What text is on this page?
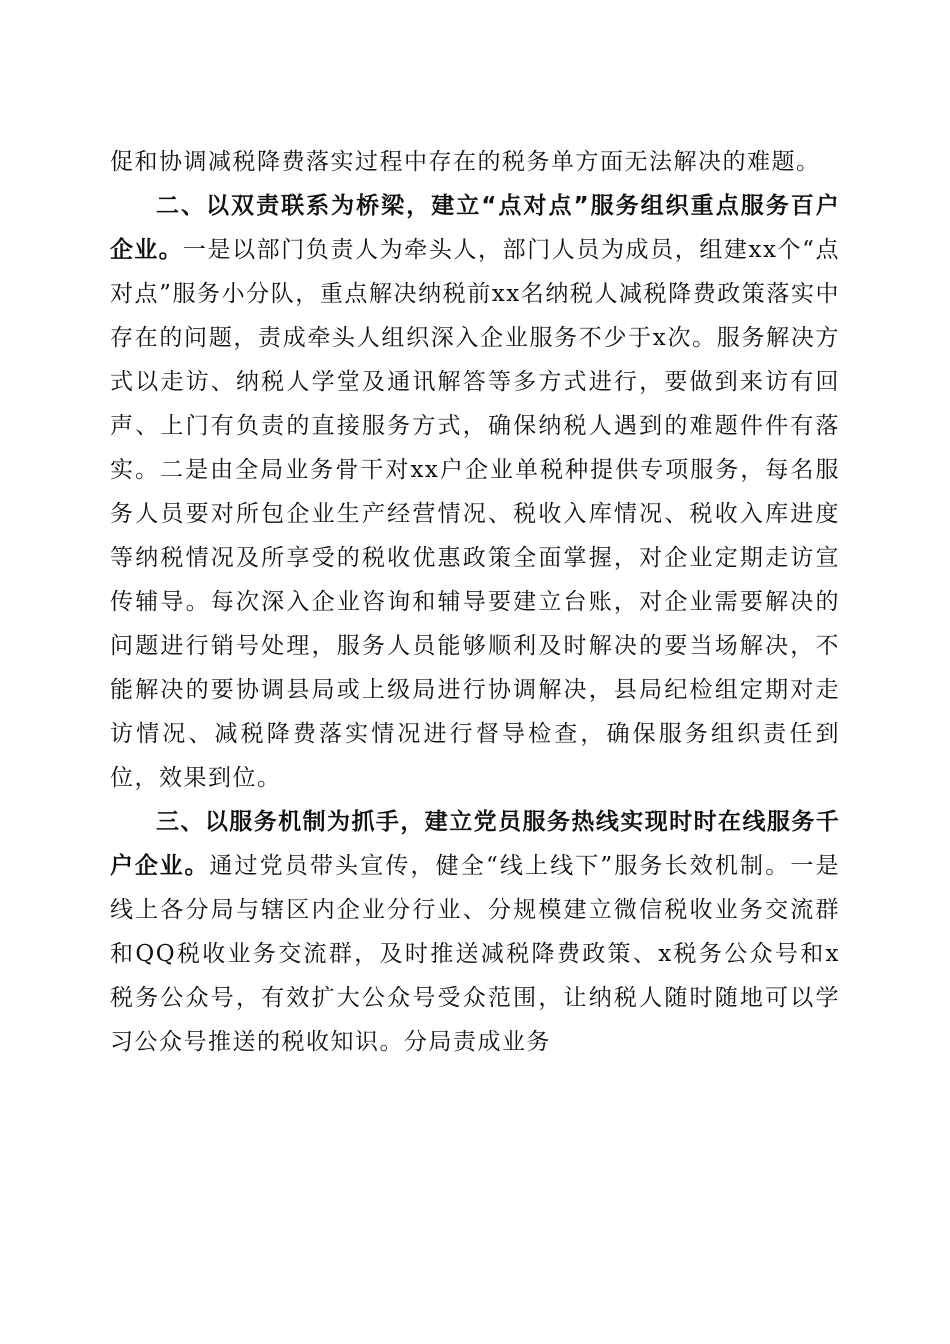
促和协调减税降费落实过程中存在的税务单方面无法解决的难题。

二、以双责联系为桥梁，建立“点对点”服务组织重点服务百户企业。一是以部门负责人为牵头人，部门人员为成员，组建xx个“点对点”服务小分队，重点解决纳税前xx名纳税人减税降费政策落实中存在的问题，责成牵头人组织深入企业服务不少于x次。服务解决方式以走访、纳税人学堂及通讯解答等多方式进行，要做到来访有回声、上门有负责的直接服务方式，确保纳税人遇到的难题件件有落实。二是由全局业务骨干对xx户企业单税种提供专项服务，每名服务人员要对所包企业生产经营情况、税收入库情况、税收入库进度等纳税情况及所享受的税收优惠政策全面掌握，对企业定期走访宣传辅导。每次深入企业咨询和辅导要建立台账，对企业需要解决的问题进行销号处理，服务人员能够顺利及时解决的要当场解决，不能解决的要协调县局或上级局进行协调解决，县局纪检组定期对走访情况、减税降费落实情况进行督导检查，确保服务组织责任到位，效果到位。

三、以服务机制为抓手，建立党员服务热线实现时时在线服务千户企业。通过党员带头宣传，健全“线上线下”服务长效机制。一是线上各分局与辖区内企业分行业、分规模建立微信税收业务交流群和QQ税收业务交流群，及时推送减税降费政策、x税务公众号和x税务公众号，有效扩大公众号受众范围，让纳税人随时随地可以学习公众号推送的税收知识。分局责成业务
